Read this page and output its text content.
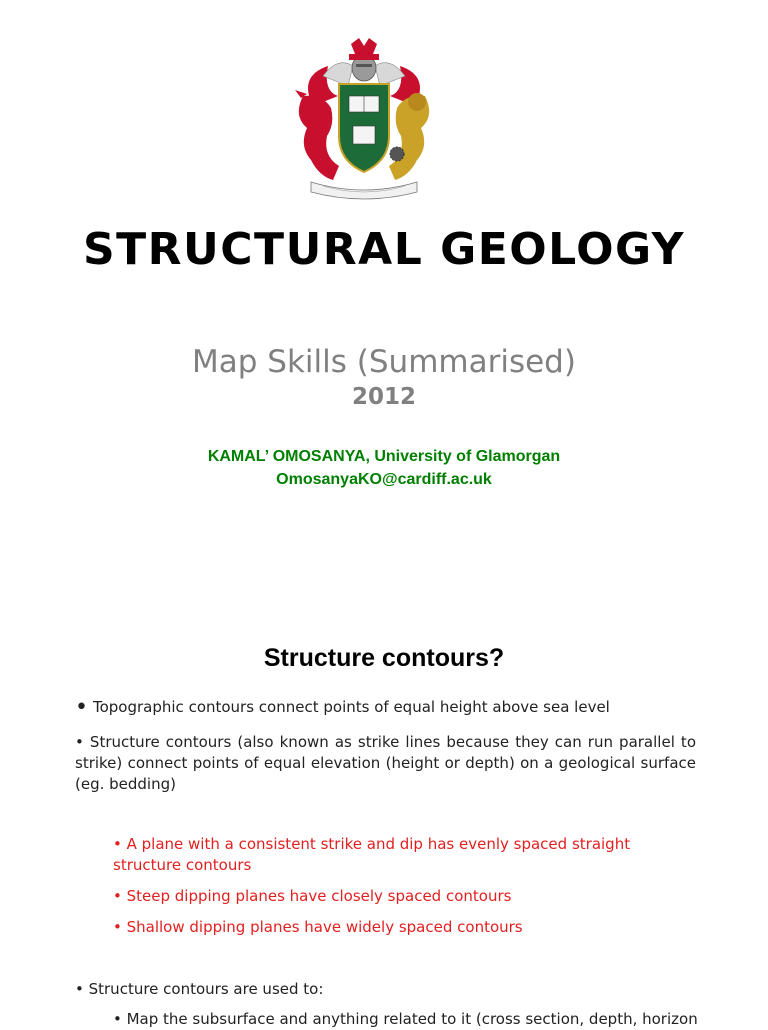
STRUCTURAL GEOLOGY
Map Skills (Summarised)
2012
KAMAL’ OMOSANYA, University of Glamorgan
OmosanyaKO@cardiff.ac.uk
Structure contours?
• Topographic contours connect points of equal height above sea level
• Structure contours (also known as strike lines because they can run parallel to strike) connect points of equal elevation (height or depth) on a geological surface (eg. bedding)
• A plane with a consistent strike and dip has evenly spaced straight structure contours
• Steep dipping planes have closely spaced contours
• Shallow dipping planes have widely spaced contours
• Structure contours are used to:
• Map the subsurface and anything related to it (cross section, depth, horizon
